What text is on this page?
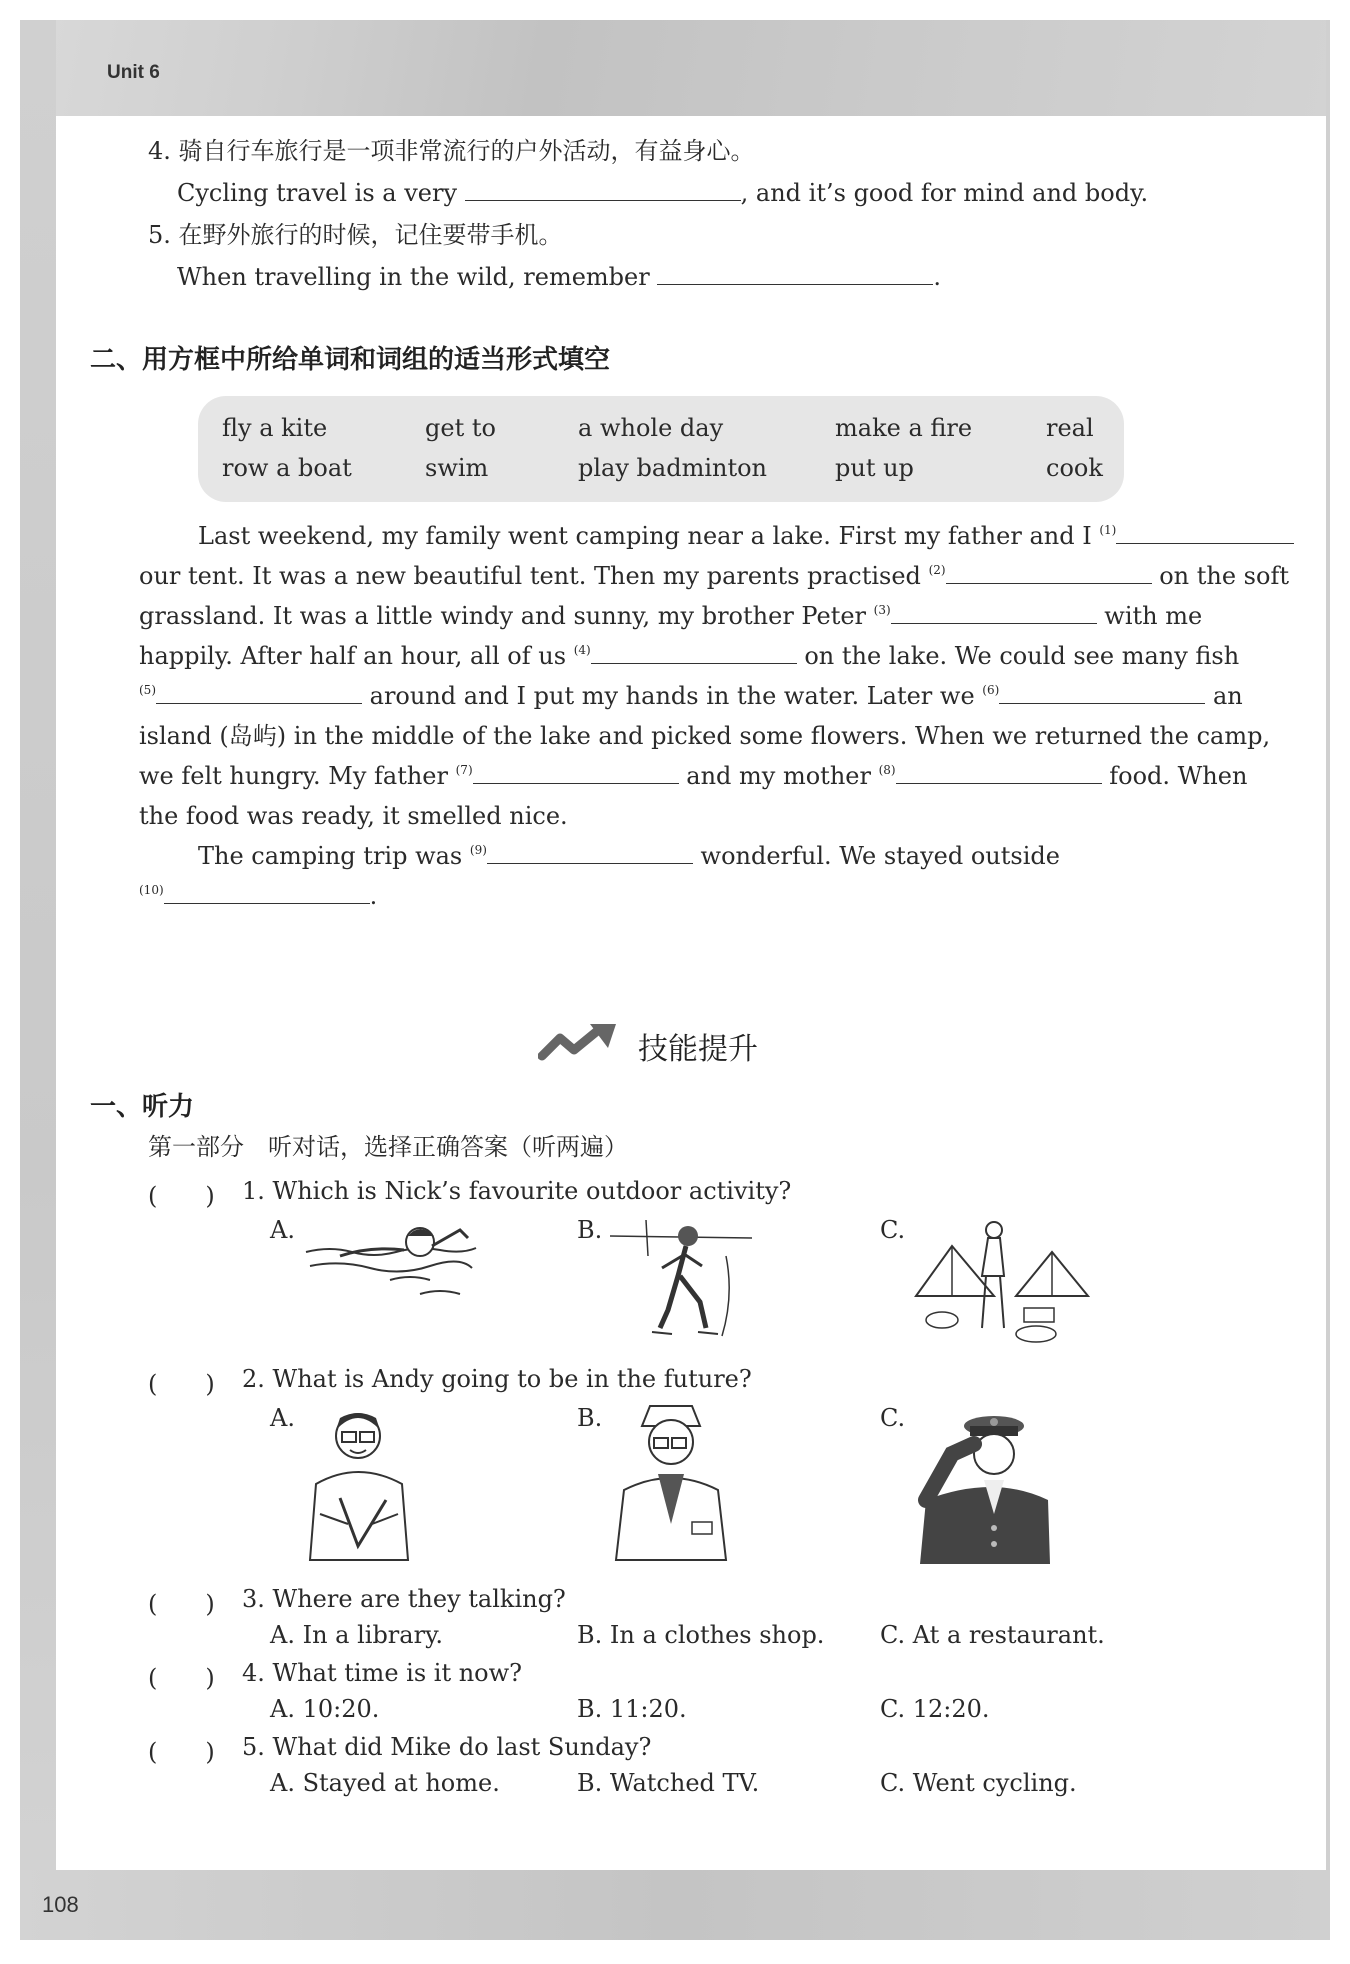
Unit 6
108
4. 骑自行车旅行是一项非常流行的户外活动，有益身心。
Cycling travel is a very	, and it’s good for mind and body.
5. 在野外旅行的时候，记住要带手机。
When travelling in the wild, remember	.
二、用方框中所给单词和词组的适当形式填空
fly a kite	get to	a whole day	make a fire	real
row a boat	swim	play badminton	put up	cook
Last weekend, my family went camping near a lake. First my father and I $^{(1)}$
our tent. It was a new beautiful tent. Then my parents practised $^{(2)}$	on the soft
grassland. It was a little windy and sunny, my brother Peter $^{(3)}$	with me
happily. After half an hour, all of us $^{(4)}$	on the lake. We could see many fish
$^{(5)}$	around and I put my hands in the water. Later we $^{(6)}$	an
island (岛屿) in the middle of the lake and picked some flowers. When we returned the camp,
we felt hungry. My father $^{(7)}$	and my mother $^{(8)}$	food. When
the food was ready, it smelled nice.
The camping trip was $^{(9)}$	wonderful. We stayed outside
$^{(10)}$	.
技能提升
一、听力
第一部分　听对话，选择正确答案（听两遍）
(　　) 1. Which is Nick’s favourite outdoor activity?
A.	B.	C.
(　　) 2. What is Andy going to be in the future?
A.	B.	C.
(　　) 3. Where are they talking?
A. In a library.	B. In a clothes shop. C. At a restaurant.
(　　) 4. What time is it now?
A. 10:20.	B. 11:20.	C. 12:20.
(　　) 5. What did Mike do last Sunday?
A. Stayed at home.	B. Watched TV.	C. Went cycling.
